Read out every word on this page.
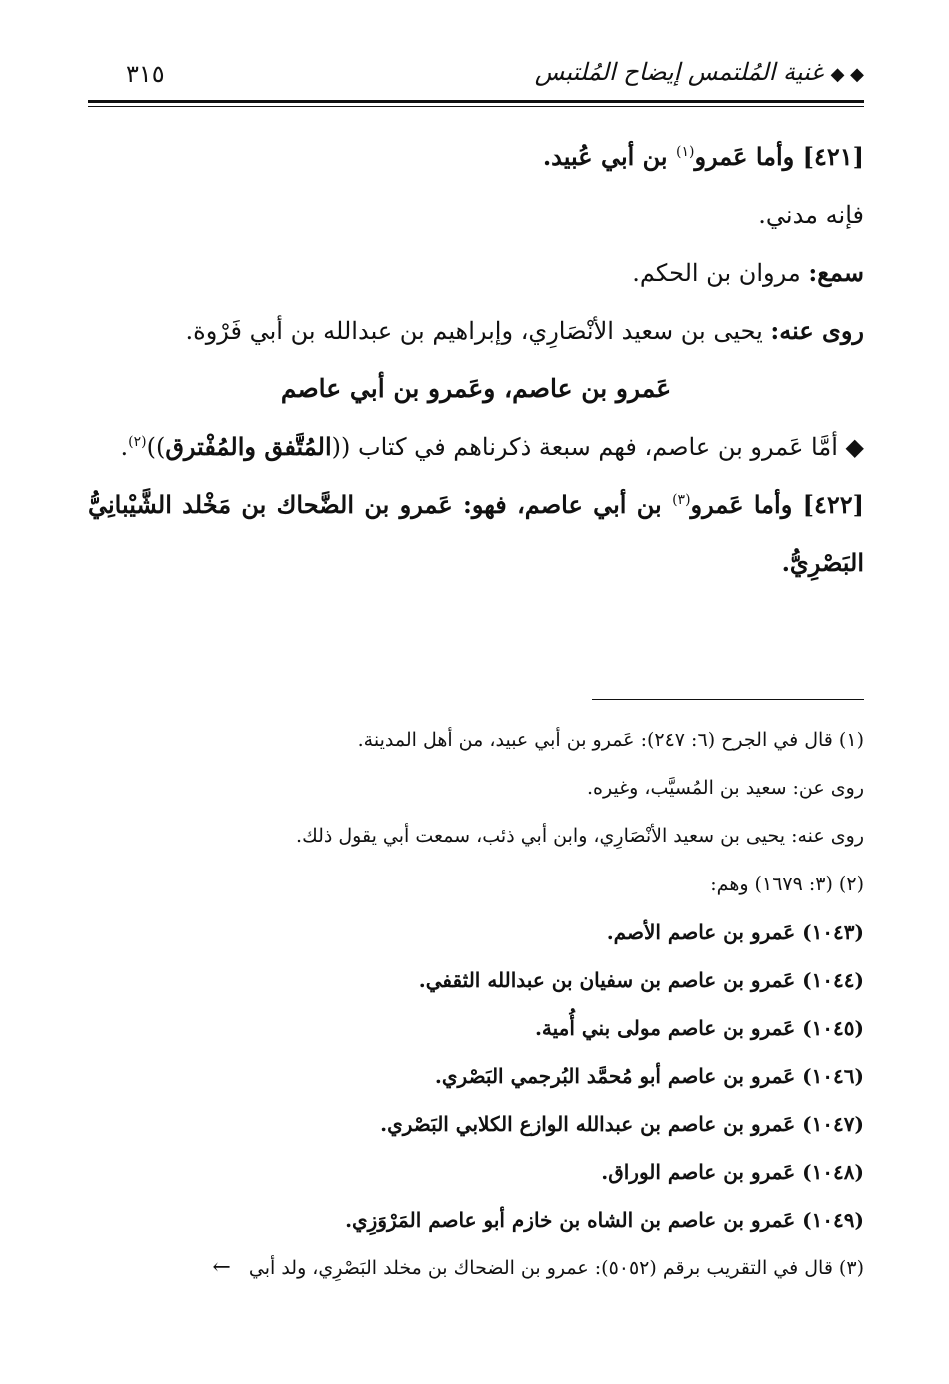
◆ ◆ غنية المُلتمس إيضاح المُلتبس
٣١٥

[٤٢١] وأما عَمرو$^{(١)}$ بن أبي عُبيد.

فإنه مدني.

سمع: مروان بن الحكم.

روى عنه: يحيى بن سعيد الأنْصَارِي، وإبراهيم بن عبدالله بن أبي فَرْوة.

عَمرو بن عاصم، وعَمرو بن أبي عاصم

◆ أمَّا عَمرو بن عاصم، فهم سبعة ذكرناهم في كتاب ((المُتَّفق والمُفْترق))$^{(٢)}$.

[٤٢٢] وأما عَمرو$^{(٣)}$ بن أبي عاصم، فهو: عَمرو بن الضَّحاك بن مَخْلد الشَّيْبانِيُّ البَصْرِيُّ.

(١) قال في الجرح (٦: ٢٤٧): عَمرو بن أبي عبيد، من أهل المدينة.

روى عن: سعيد بن المُسيَّب، وغيره.

روى عنه: يحيى بن سعيد الأنْصَارِي، وابن أبي ذئب، سمعت أبي يقول ذلك.

(٢) (٣: ١٦٧٩) وهم:

(١٠٤٣) عَمرو بن عاصم الأصم.

(١٠٤٤) عَمرو بن عاصم بن سفيان بن عبدالله الثقفي.

(١٠٤٥) عَمرو بن عاصم مولى بني أُمية.

(١٠٤٦) عَمرو بن عاصم أبو مُحمَّد البُرجمي البَصْري.

(١٠٤٧) عَمرو بن عاصم بن عبدالله الوازع الكلابي البَصْري.

(١٠٤٨) عَمرو بن عاصم الوراق.

(١٠٤٩) عَمرو بن عاصم بن الشاه بن خازم أبو عاصم المَرْوَزِي.

(٣) قال في التقريب برقم (٥٠٥٢): عمرو بن الضحاك بن مخلد البَصْرِي، ولد أبي ←
